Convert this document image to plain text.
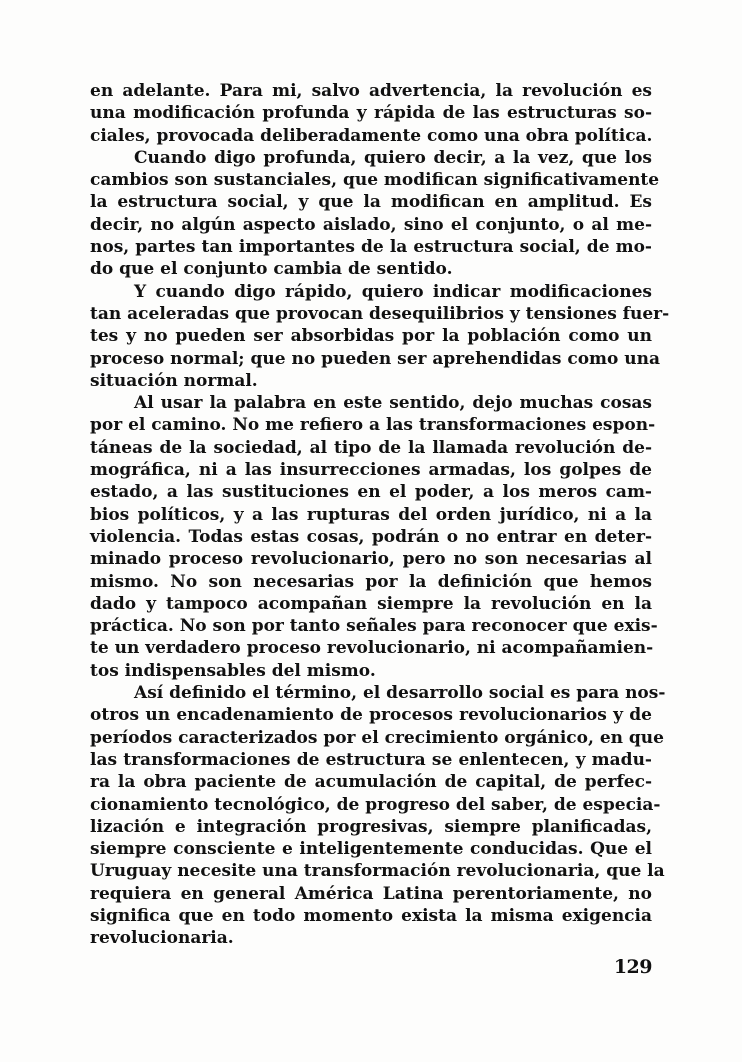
en adelante. Para mi, salvo advertencia, la revolución es
una modificación profunda y rápida de las estructuras so-
ciales, provocada deliberadamente como una obra política.
Cuando digo profunda, quiero decir, a la vez, que los
cambios son sustanciales, que modifican significativamente
la estructura social, y que la modifican en amplitud. Es
decir, no algún aspecto aislado, sino el conjunto, o al me-
nos, partes tan importantes de la estructura social, de mo-
do que el conjunto cambia de sentido.
Y cuando digo rápido, quiero indicar modificaciones
tan aceleradas que provocan desequilibrios y tensiones fuer-
tes y no pueden ser absorbidas por la población como un
proceso normal; que no pueden ser aprehendidas como una
situación normal.
Al usar la palabra en este sentido, dejo muchas cosas
por el camino. No me refiero a las transformaciones espon-
táneas de la sociedad, al tipo de la llamada revolución de-
mográfica, ni a las insurrecciones armadas, los golpes de
estado, a las sustituciones en el poder, a los meros cam-
bios políticos, y a las rupturas del orden jurídico, ni a la
violencia. Todas estas cosas, podrán o no entrar en deter-
minado proceso revolucionario, pero no son necesarias al
mismo. No son necesarias por la definición que hemos
dado y tampoco acompañan siempre la revolución en la
práctica. No son por tanto señales para reconocer que exis-
te un verdadero proceso revolucionario, ni acompañamien-
tos indispensables del mismo.
Así definido el término, el desarrollo social es para nos-
otros un encadenamiento de procesos revolucionarios y de
períodos caracterizados por el crecimiento orgánico, en que
las transformaciones de estructura se enlentecen, y madu-
ra la obra paciente de acumulación de capital, de perfec-
cionamiento tecnológico, de progreso del saber, de especia-
lización e integración progresivas, siempre planificadas,
siempre consciente e inteligentemente conducidas. Que el
Uruguay necesite una transformación revolucionaria, que la
requiera en general América Latina perentoriamente, no
significa que en todo momento exista la misma exigencia
revolucionaria.
129
